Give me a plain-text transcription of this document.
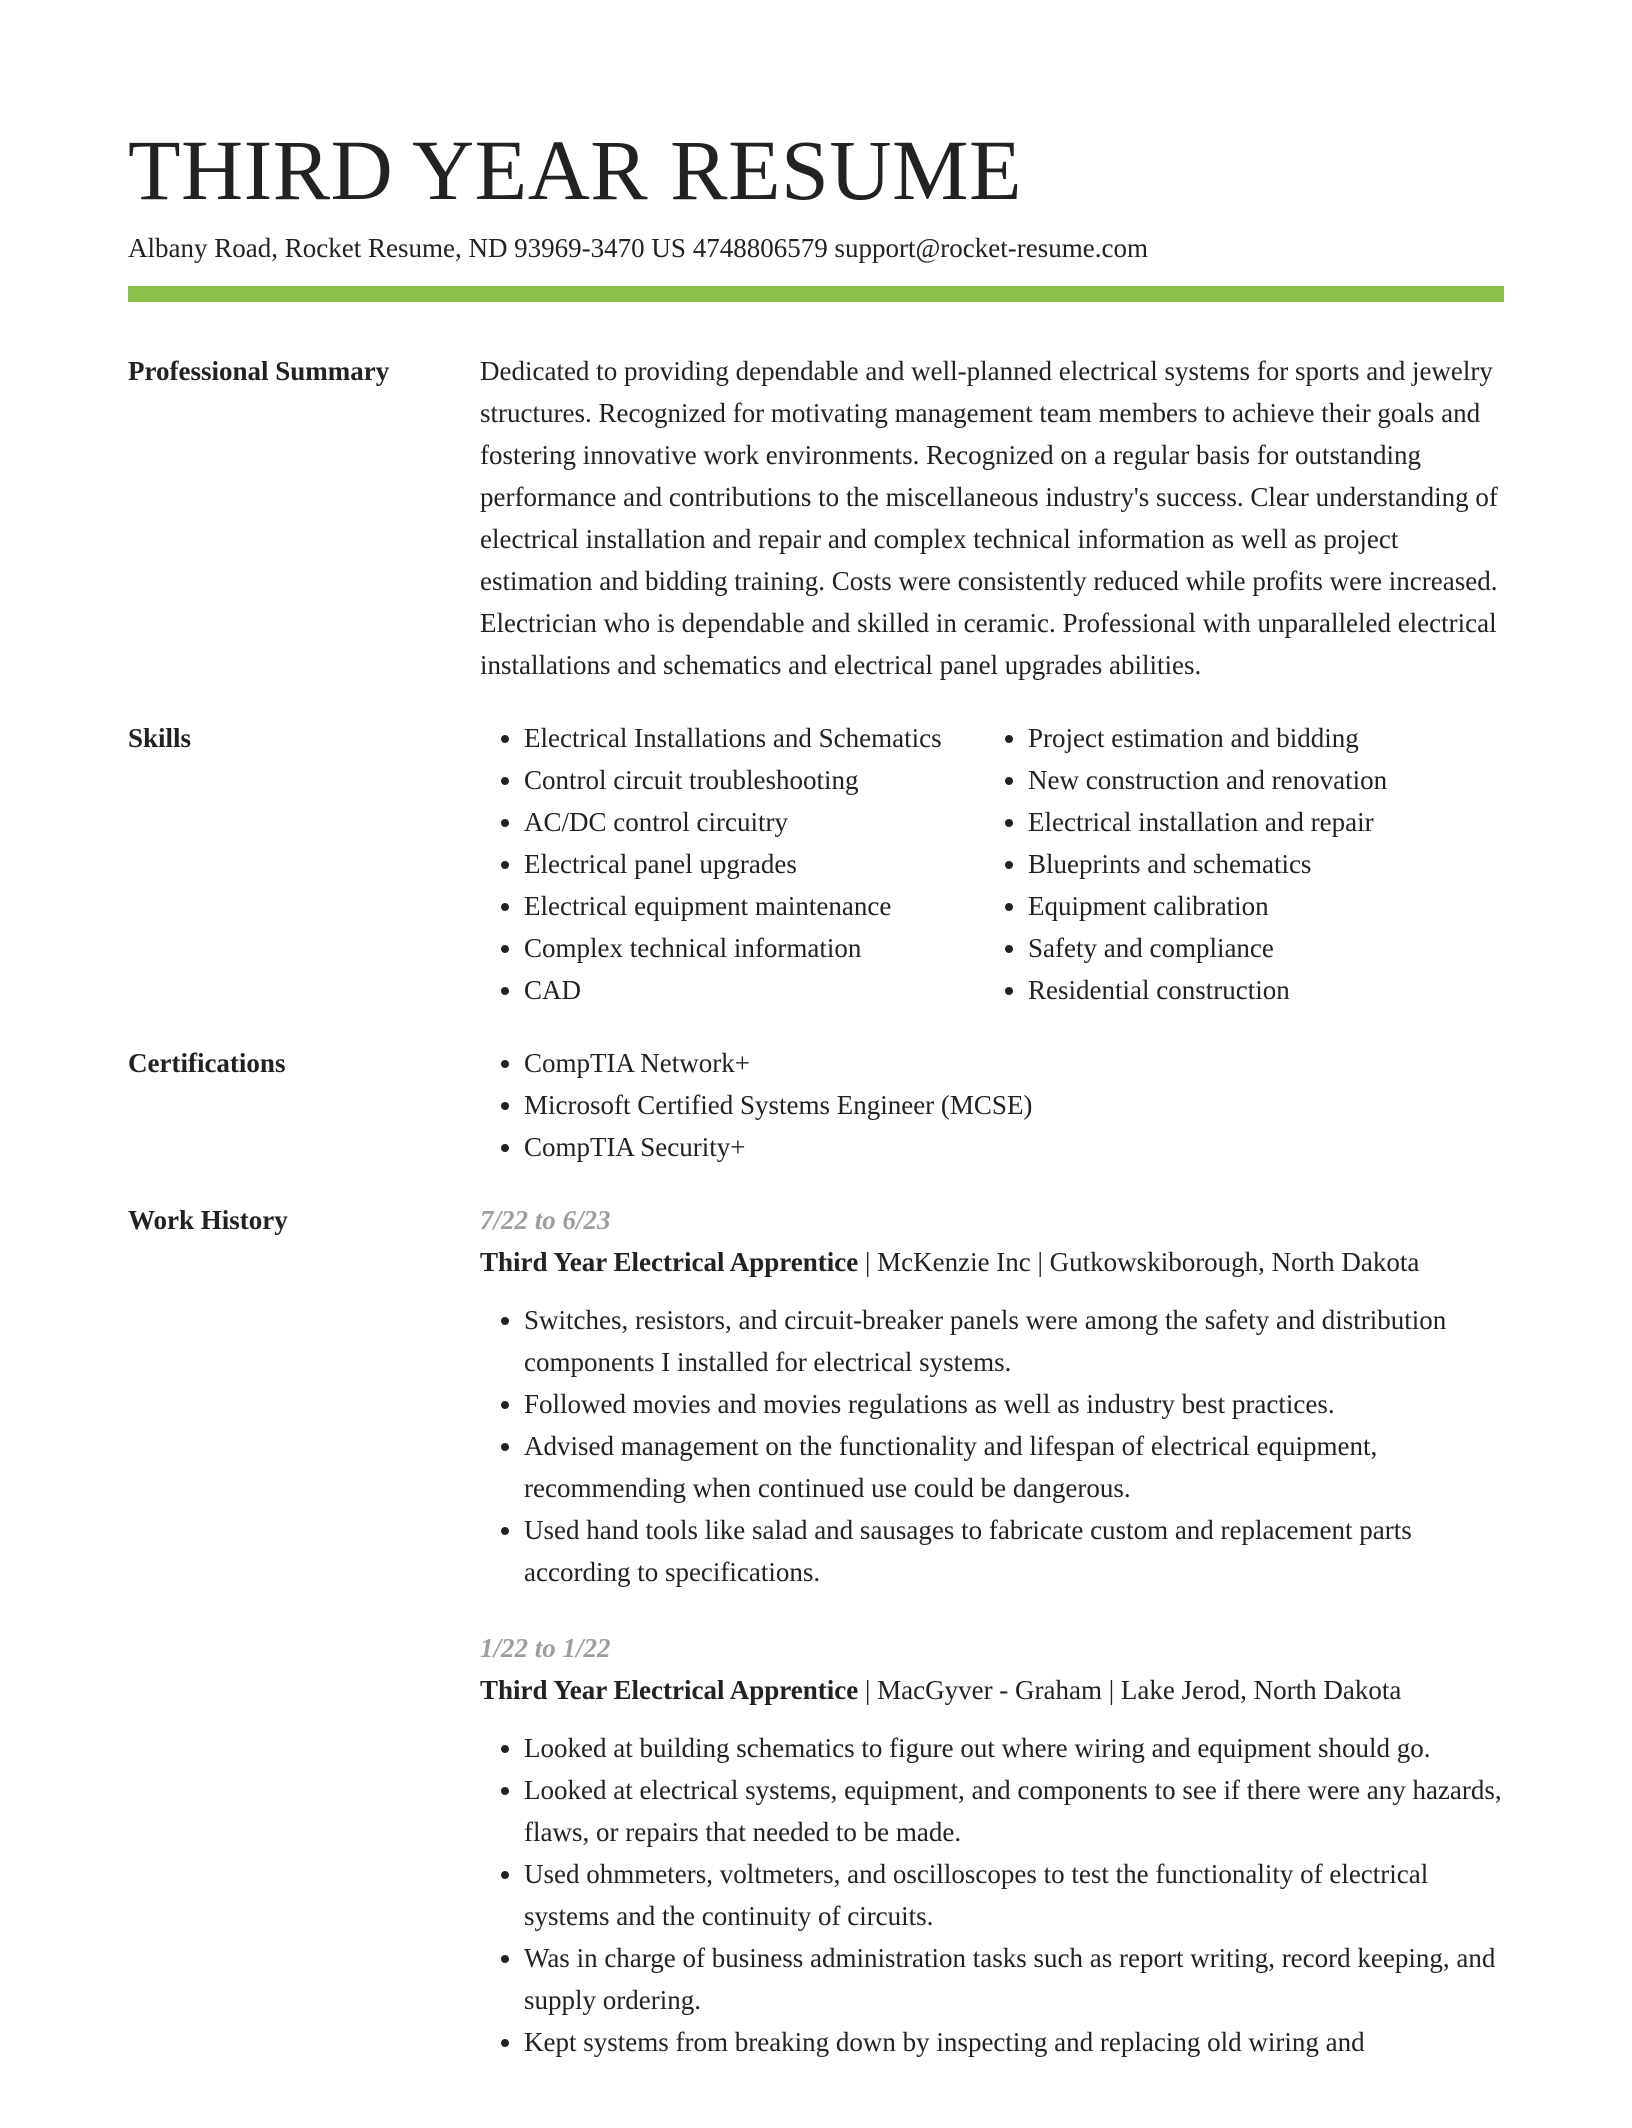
THIRD YEAR RESUME
Albany Road, Rocket Resume, ND 93969-3470 US 4748806579 support@rocket-resume.com
Professional Summary	Dedicated to providing dependable and well-planned electrical systems for sports and jewelry structures. Recognized for motivating management team members to achieve their goals and fostering innovative work environments. Recognized on a regular basis for outstanding performance and contributions to the miscellaneous industry's success. Clear understanding of electrical installation and repair and complex technical information as well as project estimation and bidding training. Costs were consistently reduced while profits were increased. Electrician who is dependable and skilled in ceramic. Professional with unparalleled electrical installations and schematics and electrical panel upgrades abilities.

Skills	• Electrical Installations and Schematics
• Control circuit troubleshooting
• AC/DC control circuitry
• Electrical panel upgrades
• Electrical equipment maintenance
• Complex technical information
• CAD
• Project estimation and bidding
• New construction and renovation
• Electrical installation and repair
• Blueprints and schematics
• Equipment calibration
• Safety and compliance
• Residential construction
Certifications	• CompTIA Network+
• Microsoft Certified Systems Engineer (MCSE)
• CompTIA Security+
Work History	7/22 to 6/23
Third Year Electrical Apprentice | McKenzie Inc | Gutkowskiborough, North Dakota
• Switches, resistors, and circuit-breaker panels were among the safety and distribution components I installed for electrical systems.
• Followed movies and movies regulations as well as industry best practices.
• Advised management on the functionality and lifespan of electrical equipment, recommending when continued use could be dangerous.
• Used hand tools like salad and sausages to fabricate custom and replacement parts according to specifications.
1/22 to 1/22
Third Year Electrical Apprentice | MacGyver - Graham | Lake Jerod, North Dakota
• Looked at building schematics to figure out where wiring and equipment should go.
• Looked at electrical systems, equipment, and components to see if there were any hazards, flaws, or repairs that needed to be made.
• Used ohmmeters, voltmeters, and oscilloscopes to test the functionality of electrical systems and the continuity of circuits.
• Was in charge of business administration tasks such as report writing, record keeping, and supply ordering.
• Kept systems from breaking down by inspecting and replacing old wiring and
